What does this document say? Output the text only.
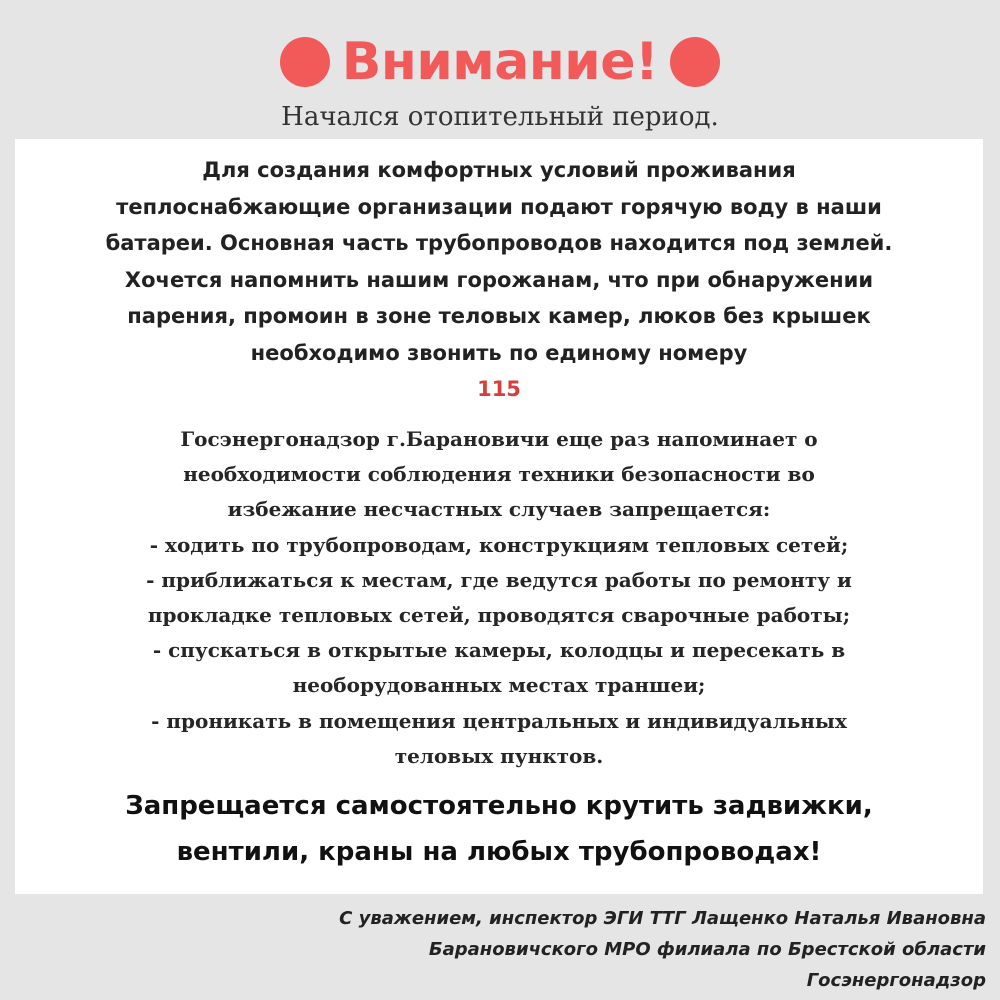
Внимание!
Начался отопительный период.

Для создания комфортных условий проживания

теплоснабжающие организации подают горячую воду в наши

батареи. Основная часть трубопроводов находится под землей.

Хочется напомнить нашим горожанам, что при обнаружении

парения, промоин в зоне теловых камер, люков без крышек

необходимо звонить по единому номеру

115

Госэнергонадзор г.Барановичи еще раз напоминает о

необходимости соблюдения техники безопасности во

избежание несчастных случаев запрещается:

- ходить по трубопроводам, конструкциям тепловых сетей;

- приближаться к местам, где ведутся работы по ремонту и

прокладке тепловых сетей, проводятся сварочные работы;

- спускаться в открытые камеры, колодцы и пересекать в

необорудованных местах траншеи;

- проникать в помещения центральных и индивидуальных

теловых пунктов.

Запрещается самостоятельно крутить задвижки,

вентили, краны на любых трубопроводах!

С уважением, инспектор ЭГИ ТТГ Лащенко Наталья Ивановна

Барановичского МРО филиала по Брестской области

Госэнергонадзор
